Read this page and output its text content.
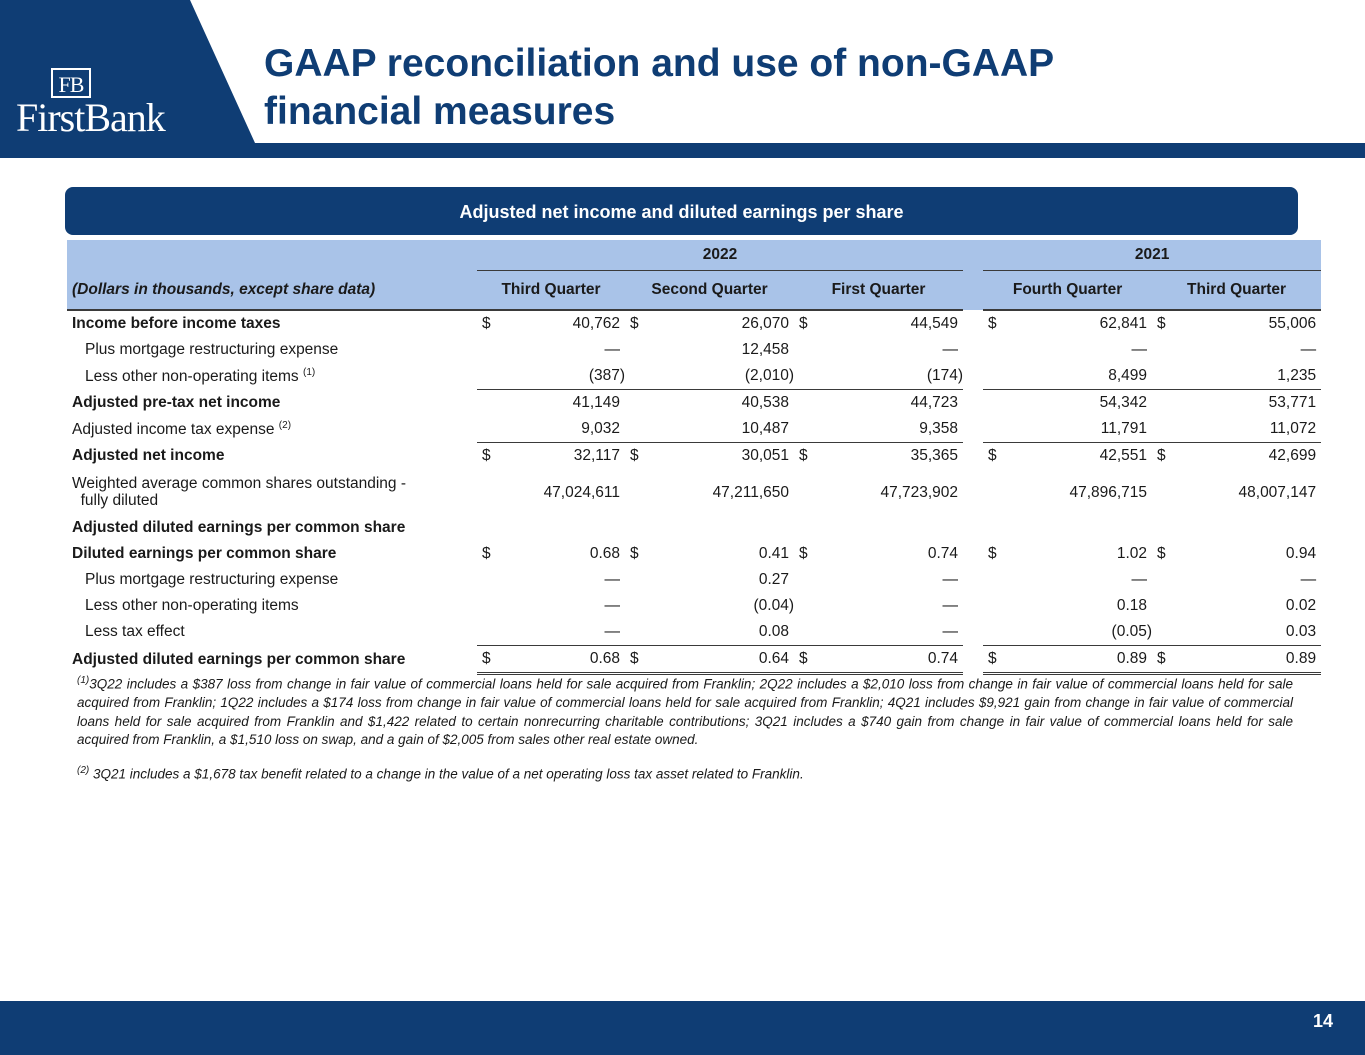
FB
FirstBank
GAAP reconciliation and use of non-GAAP
financial measures
Adjusted net income and diluted earnings per share
	2022							2021			
(Dollars in thousands, except share data)	Third Quarter		Second Quarter		First Quarter			Fourth Quarter		Third Quarter	
Income before income taxes	$	40,762	$	26,070	$	44,549		$	62,841	$	55,006
Plus mortgage restructuring expense		—		12,458		—			—		—
Less other non-operating items $^{(1)}$		(387)		(2,010)		(174)			8,499		1,235
Adjusted pre-tax net income		41,149		40,538		44,723			54,342		53,771
Adjusted income tax expense $^{(2)}$		9,032		10,487		9,358			11,791		11,072
Adjusted net income	$	32,117	$	30,051	$	35,365		$	42,551	$	42,699
Weighted average common shares outstanding -
fully diluted		47,024,611		47,211,650		47,723,902			47,896,715		48,007,147
Adjusted diluted earnings per common share											
Diluted earnings per common share	$	0.68	$	0.41	$	0.74		$	1.02	$	0.94
Plus mortgage restructuring expense		—		0.27		—			—		—
Less other non-operating items		—		(0.04)		—			0.18		0.02
Less tax effect		—		0.08		—			(0.05)		0.03
Adjusted diluted earnings per common share	$	0.68	$	0.64	$	0.74		$	0.89	$	0.89

$^{(1)}$3Q22 includes a $387 loss from change in fair value of commercial loans held for sale acquired from Franklin; 2Q22 includes a $2,010 loss from change in fair value of commercial loans held for sale acquired from Franklin; 1Q22 includes a $174 loss from change in fair value of commercial loans held for sale acquired from Franklin; 4Q21 includes $9,921 gain from change in fair value of commercial loans held for sale acquired from Franklin and $1,422 related to certain nonrecurring charitable contributions; 3Q21 includes a $740 gain from change in fair value of commercial loans held for sale acquired from Franklin, a $1,510 loss on swap, and a gain of $2,005 from sales other real estate owned.

$^{(2)}$ 3Q21 includes a $1,678 tax benefit related to a change in the value of a net operating loss tax asset related to Franklin.

14
